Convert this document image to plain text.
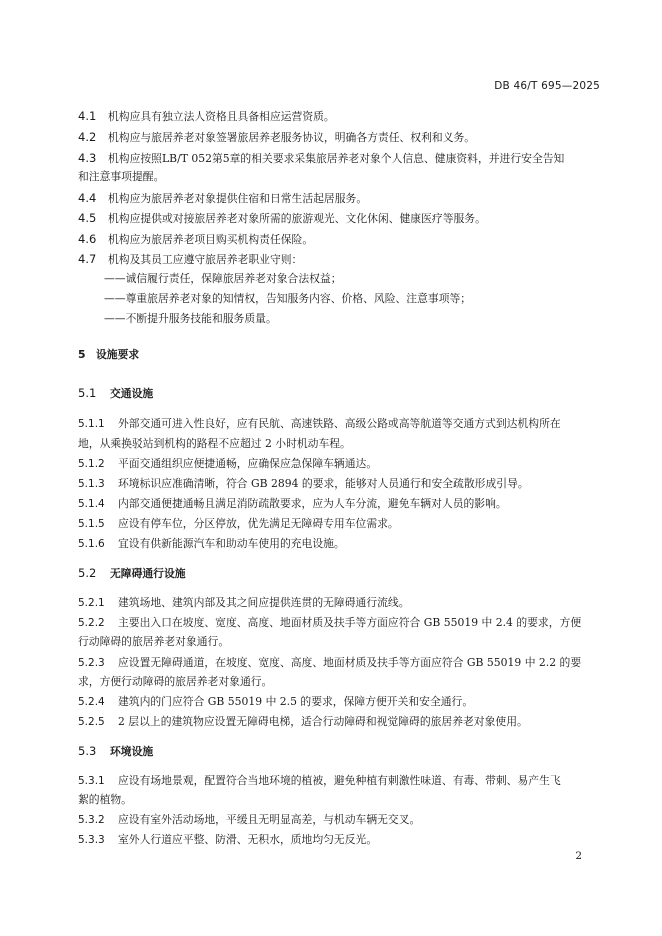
DB 46/T 695—2025
4.1 机构应具有独立法人资格且具备相应运营资质。
4.2 机构应与旅居养老对象签署旅居养老服务协议，明确各方责任、权利和义务。
4.3 机构应按照LB/T 052第5章的相关要求采集旅居养老对象个人信息、健康资料，并进行安全告知
和注意事项提醒。
4.4 机构应为旅居养老对象提供住宿和日常生活起居服务。
4.5 机构应提供或对接旅居养老对象所需的旅游观光、文化休闲、健康医疗等服务。
4.6 机构应为旅居养老项目购买机构责任保险。
4.7 机构及其员工应遵守旅居养老职业守则：
——诚信履行责任，保障旅居养老对象合法权益；
——尊重旅居养老对象的知情权，告知服务内容、价格、风险、注意事项等；
——不断提升服务技能和服务质量。
5 设施要求
5.1 交通设施
5.1.1 外部交通可进入性良好，应有民航、高速铁路、高级公路或高等航道等交通方式到达机构所在
地，从乘换驳站到机构的路程不应超过 2 小时机动车程。
5.1.2 平面交通组织应便捷通畅，应确保应急保障车辆通达。
5.1.3 环境标识应准确清晰，符合 GB 2894 的要求，能够对人员通行和安全疏散形成引导。
5.1.4 内部交通便捷通畅且满足消防疏散要求，应为人车分流，避免车辆对人员的影响。
5.1.5 应设有停车位，分区停放，优先满足无障碍专用车位需求。
5.1.6 宜设有供新能源汽车和助动车使用的充电设施。
5.2 无障碍通行设施
5.2.1 建筑场地、建筑内部及其之间应提供连贯的无障碍通行流线。
5.2.2 主要出入口在坡度、宽度、高度、地面材质及扶手等方面应符合 GB 55019 中 2.4 的要求，方便
行动障碍的旅居养老对象通行。
5.2.3 应设置无障碍通道，在坡度、宽度、高度、地面材质及扶手等方面应符合 GB 55019 中 2.2 的要
求，方便行动障碍的旅居养老对象通行。
5.2.4 建筑内的门应符合 GB 55019 中 2.5 的要求，保障方便开关和安全通行。
5.2.5 2 层以上的建筑物应设置无障碍电梯，适合行动障碍和视觉障碍的旅居养老对象使用。
5.3 环境设施
5.3.1 应设有场地景观，配置符合当地环境的植被，避免种植有刺激性味道、有毒、带刺、易产生飞
絮的植物。
5.3.2 应设有室外活动场地，平缓且无明显高差，与机动车辆无交叉。
5.3.3 室外人行道应平整、防滑、无积水，质地均匀无反光。
2
